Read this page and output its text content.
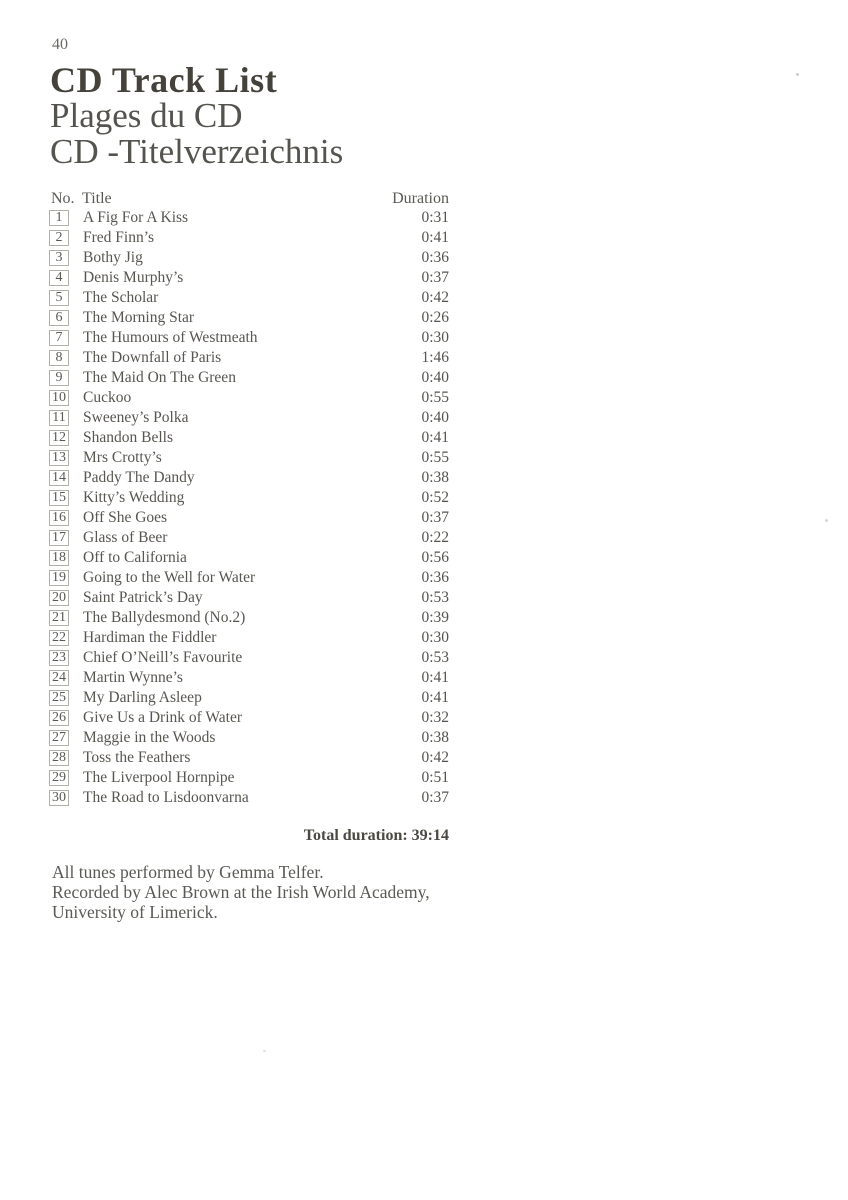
40
CD Track List
Plages du CD
CD -Titelverzeichnis
No. Title	Duration
1	A Fig For A Kiss	0:31
2	Fred Finn’s	0:41
3	Bothy Jig	0:36
4	Denis Murphy’s	0:37
5	The Scholar	0:42
6	The Morning Star	0:26
7	The Humours of Westmeath	0:30
8	The Downfall of Paris	1:46
9	The Maid On The Green	0:40
10 Cuckoo	0:55
11 Sweeney’s Polka	0:40
12 Shandon Bells	0:41
13 Mrs Crotty’s	0:55
14 Paddy The Dandy	0:38
15 Kitty’s Wedding	0:52
16 Off She Goes	0:37
17 Glass of Beer	0:22
18 Off to California	0:56
19 Going to the Well for Water	0:36
20 Saint Patrick’s Day	0:53
21 The Ballydesmond (No.2)	0:39
22 Hardiman the Fiddler	0:30
23 Chief O’Neill’s Favourite	0:53
24 Martin Wynne’s	0:41
25 My Darling Asleep	0:41
26 Give Us a Drink of Water	0:32
27 Maggie in the Woods	0:38
28 Toss the Feathers	0:42
29 The Liverpool Hornpipe	0:51
30 The Road to Lisdoonvarna	0:37
Total duration: 39:14
All tunes performed by Gemma Telfer.
Recorded by Alec Brown at the Irish World Academy,
University of Limerick.
